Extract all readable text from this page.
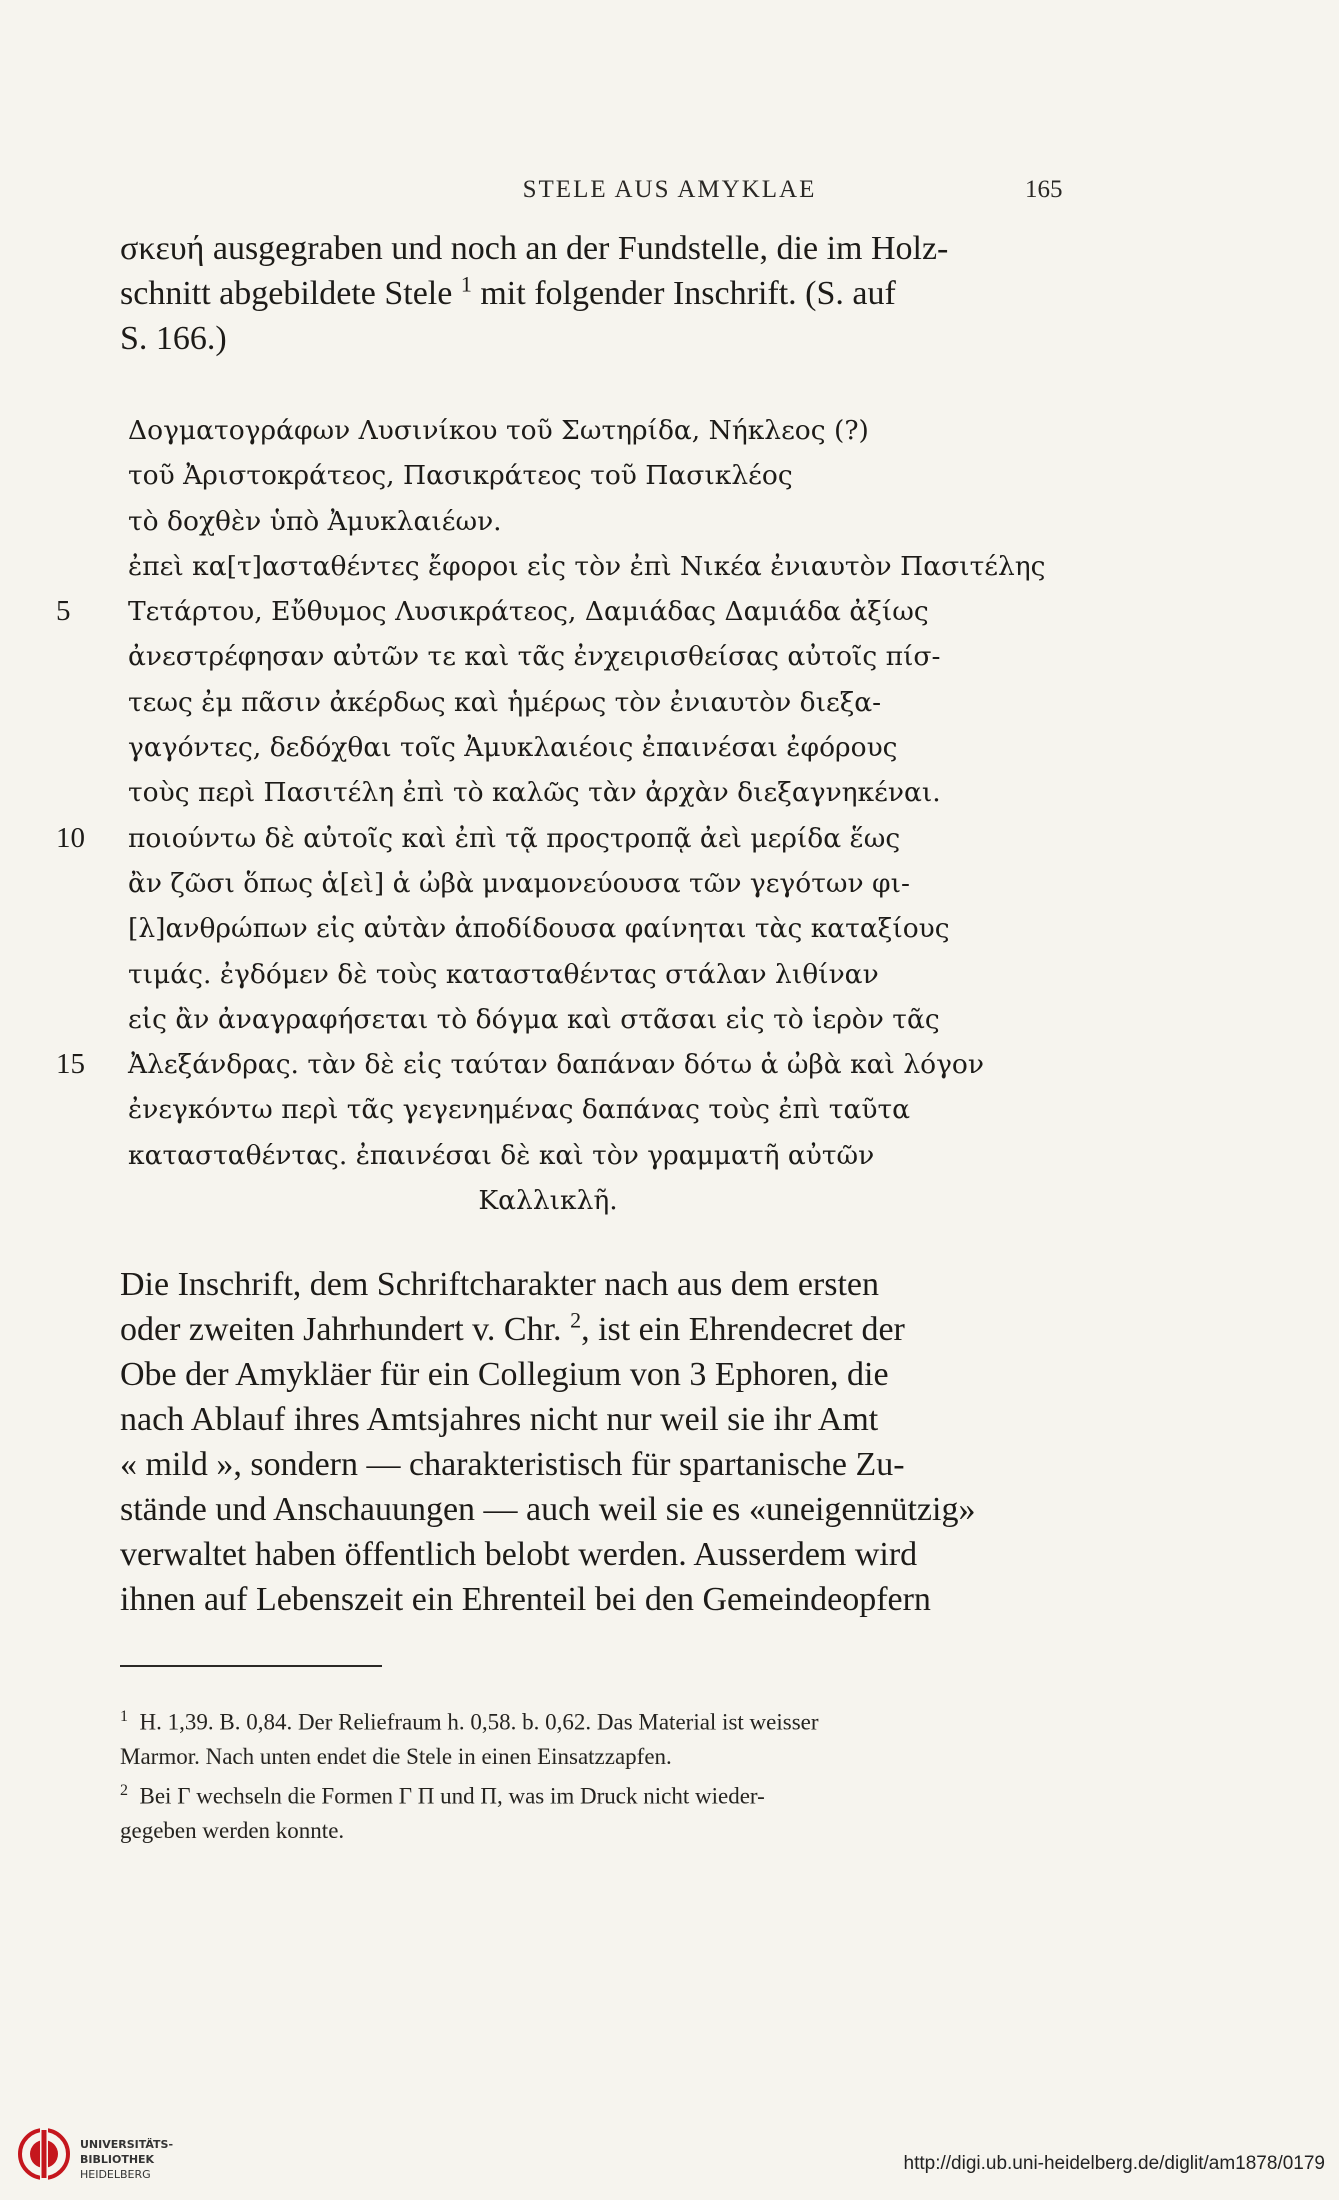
STELE AUS AMYKLAE	165
σκευή ausgegraben und noch an der Fundstelle, die im Holz-
schnitt abgebildete Stele $^1$ mit folgender Inschrift. (S. auf
S. 166.)
Δογματογράφων Λυσινίκου τοῦ Σωτηρίδα, Νήκλεος (?)
τοῦ Ἀριστοκράτεος, Πασικράτεος τοῦ Πασικλέος
τὸ δοχθὲν ὑπὸ Ἀμυκλαιέων.
ἐπεὶ κα[τ]ασταθέντες ἔφοροι εἰς τὸν ἐπὶ Νικέα ἐνιαυτὸν Πασιτέλης
5	Τετάρτου, Εὔθυμος Λυσικράτεος, Δαμιάδας Δαμιάδα ἀξίως
ἀνεστρέφησαν αὐτῶν τε καὶ τᾶς ἐνχειρισθείσας αὐτοῖς πίσ-
τεως ἐμ πᾶσιν ἀκέρδως καὶ ἡμέρως τὸν ἐνιαυτὸν διεξα-
γαγόντες, δεδόχθαι τοῖς Ἀμυκλαιέοις ἐπαινέσαι ἐφόρους
τοὺς περὶ Πασιτέλη ἐπὶ τὸ καλῶς τὰν ἀρχὰν διεξαγνηκέναι.
10	ποιούντω δὲ αὐτοῖς καὶ ἐπὶ τᾷ προςτροπᾷ ἀεὶ μερίδα ἕως
ἂν ζῶσι ὅπως ἁ[εὶ] ἁ ὠβὰ μναμονεύουσα τῶν γεγότων φι-
[λ]ανθρώπων εἰς αὐτὰν ἀποδίδουσα φαίνηται τὰς καταξίους
τιμάς. ἐγδόμεν δὲ τοὺς κατασταθέντας στάλαν λιθίναν
εἰς ἂν ἀναγραφήσεται τὸ δόγμα καὶ στᾶσαι εἰς τὸ ἱερὸν τᾶς
15	Ἀλεξάνδρας. τὰν δὲ εἰς ταύταν δαπάναν δότω ἁ ὠβὰ καὶ λόγον
ἐνεγκόντω περὶ τᾶς γεγενημένας δαπάνας τοὺς ἐπὶ ταῦτα
κατασταθέντας. ἐπαινέσαι δὲ καὶ τὸν γραμματῆ αὐτῶν
Καλλικλῆ.
Die Inschrift, dem Schriftcharakter nach aus dem ersten
oder zweiten Jahrhundert v. Chr. $^2$, ist ein Ehrendecret der
Obe der Amykläer für ein Collegium von 3 Ephoren, die
nach Ablauf ihres Amtsjahres nicht nur weil sie ihr Amt
« mild », sondern — charakteristisch für spartanische Zu-
stände und Anschauungen — auch weil sie es «uneigennützig»
verwaltet haben öffentlich belobt werden. Ausserdem wird
ihnen auf Lebenszeit ein Ehrenteil bei den Gemeindeopfern
$^1$ H. 1,39. B. 0,84. Der Reliefraum h. 0,58. b. 0,62. Das Material ist weisser
Marmor. Nach unten endet die Stele in einen Einsatzzapfen.
$^2$ Bei Γ wechseln die Formen Γ Π und Π, was im Druck nicht wieder-
gegeben werden konnte.
UNIVERSITÄTS-
BIBLIOTHEK
HEIDELBERG
http://digi.ub.uni-heidelberg.de/diglit/am1878/0179
